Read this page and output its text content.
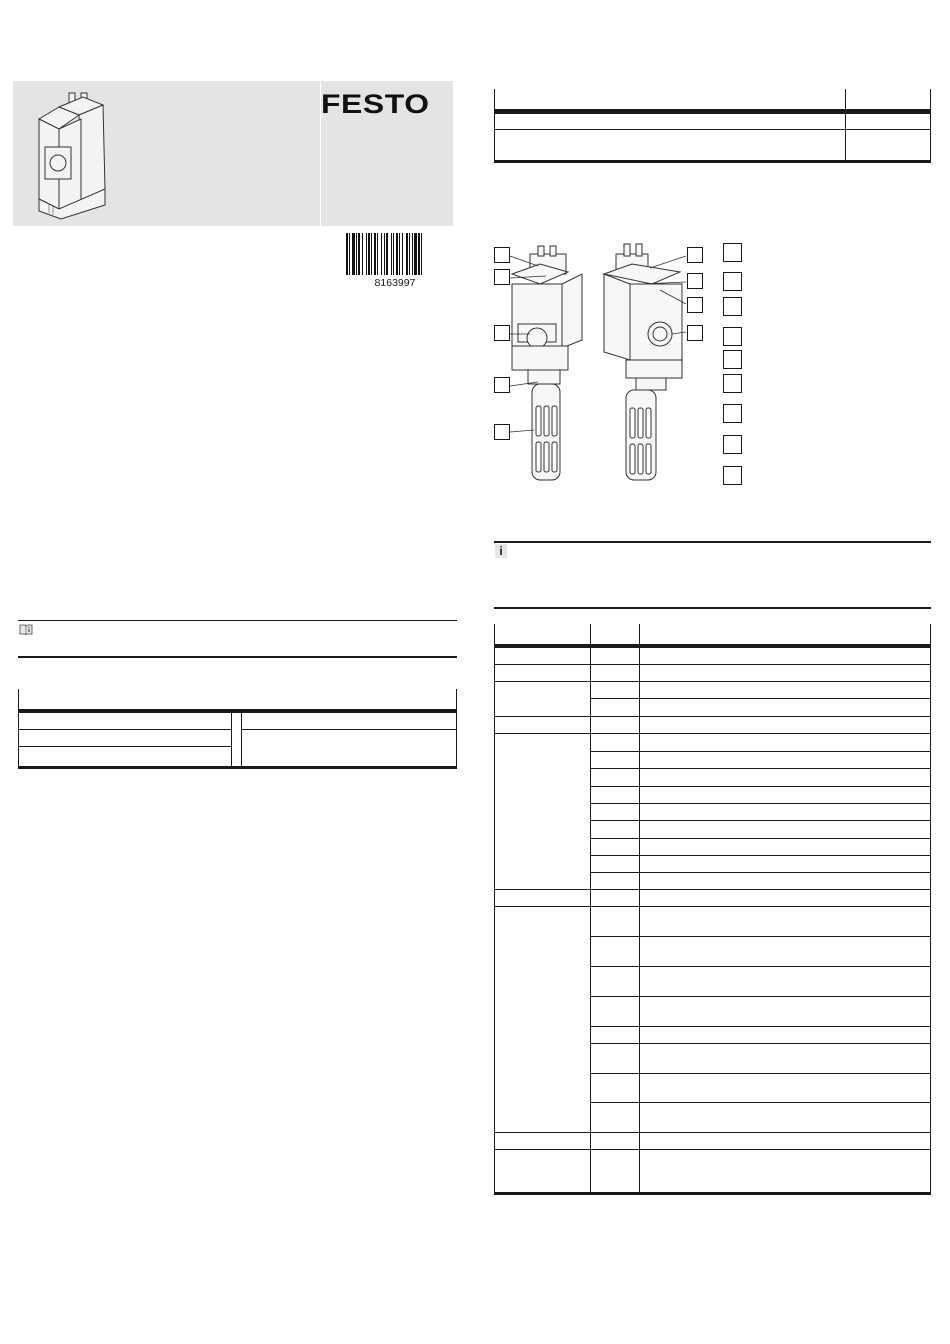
FESTO
8163997
i
